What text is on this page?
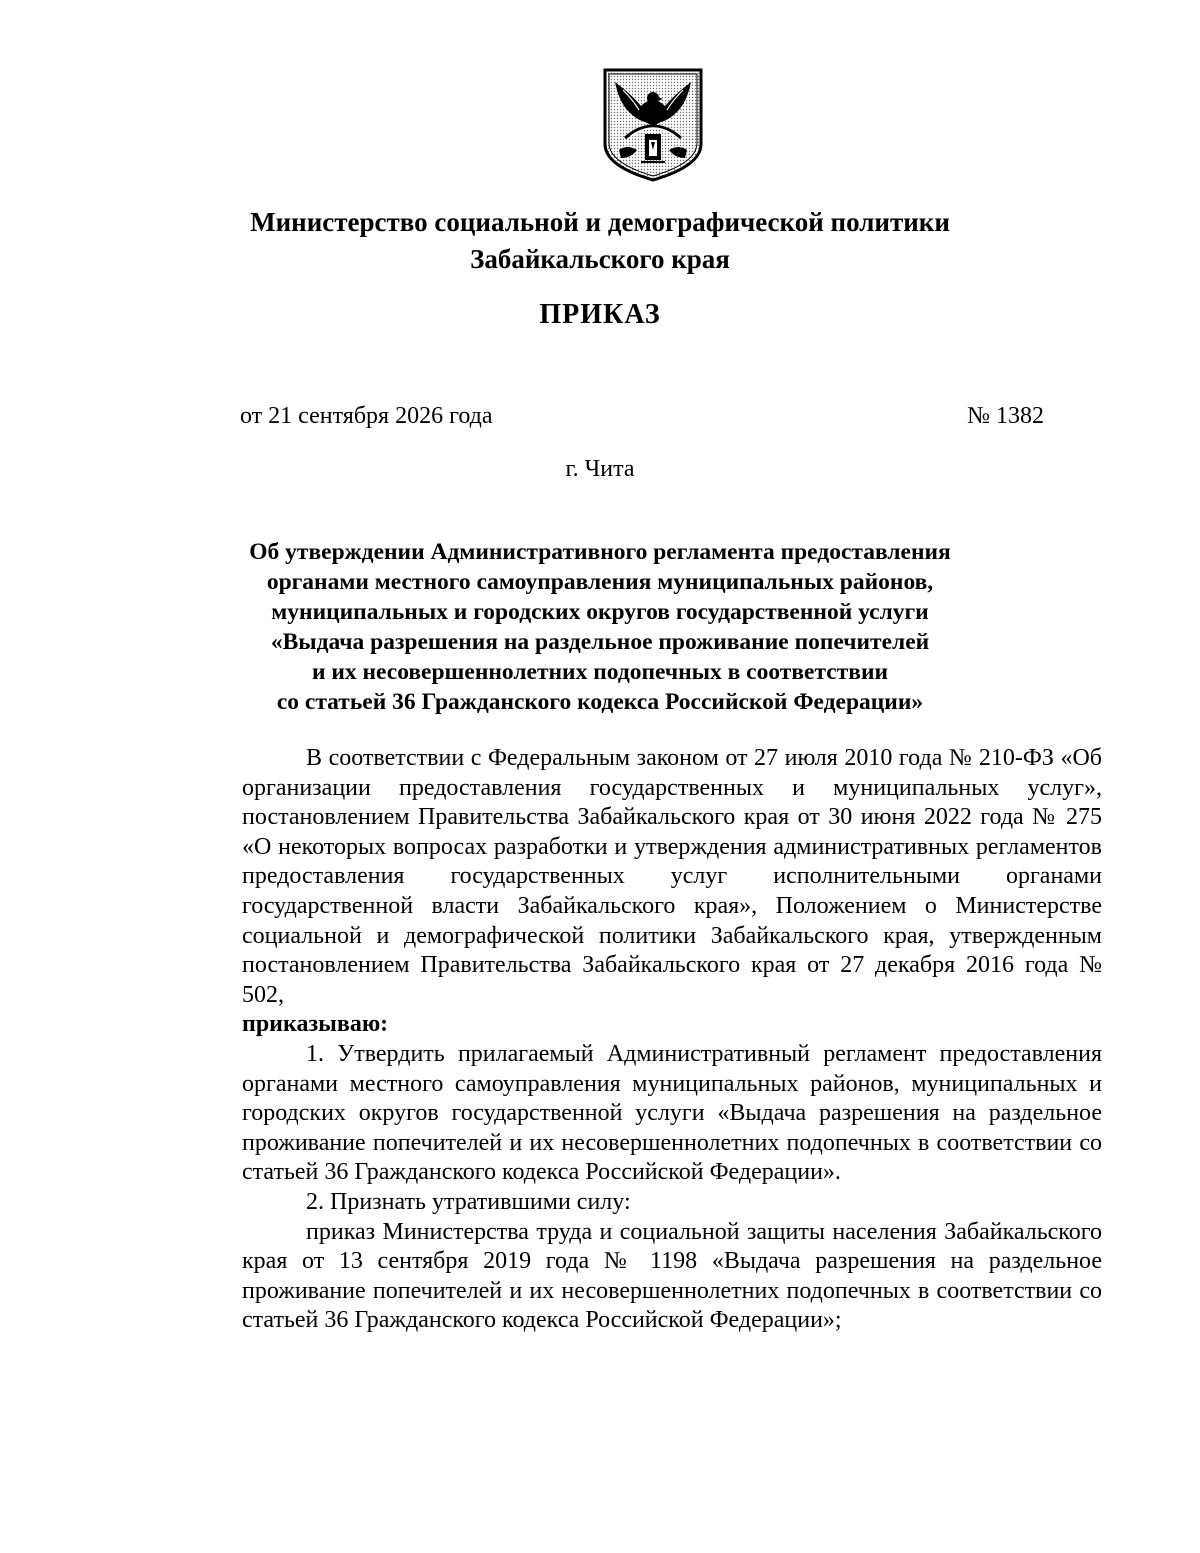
Министерство социальной и демографической политики
Забайкальского края
ПРИКАЗ
от 21 сентября 2026 года	№ 1382
г. Чита
Об утверждении Административного регламента предоставления
органами местного самоуправления муниципальных районов,
муниципальных и городских округов государственной услуги
«Выдача разрешения на раздельное проживание попечителей
и их несовершеннолетних подопечных в соответствии
со статьей 36 Гражданского кодекса Российской Федерации»

В соответствии с Федеральным законом от 27 июля 2010 года № 210-ФЗ «Об организации предоставления государственных и муниципальных услуг», постановлением Правительства Забайкальского края от 30 июня 2022 года № 275 «О некоторых вопросах разработки и утверждения административных регламентов предоставления государственных услуг исполнительными органами государственной власти Забайкальского края», Положением о Министерстве социальной и демографической политики Забайкальского края, утвержденным постановлением Правительства Забайкальского края от 27 декабря 2016 года № 502,

приказываю:

1. Утвердить прилагаемый Административный регламент предоставления органами местного самоуправления муниципальных районов, муниципальных и городских округов государственной услуги «Выдача разрешения на раздельное проживание попечителей и их несовершеннолетних подопечных в соответствии со статьей 36 Гражданского кодекса Российской Федерации».

2. Признать утратившими силу:

приказ Министерства труда и социальной защиты населения Забайкальского края от 13 сентября 2019 года № 1198 «Выдача разрешения на раздельное проживание попечителей и их несовершеннолетних подопечных в соответствии со статьей 36 Гражданского кодекса Российской Федерации»;
